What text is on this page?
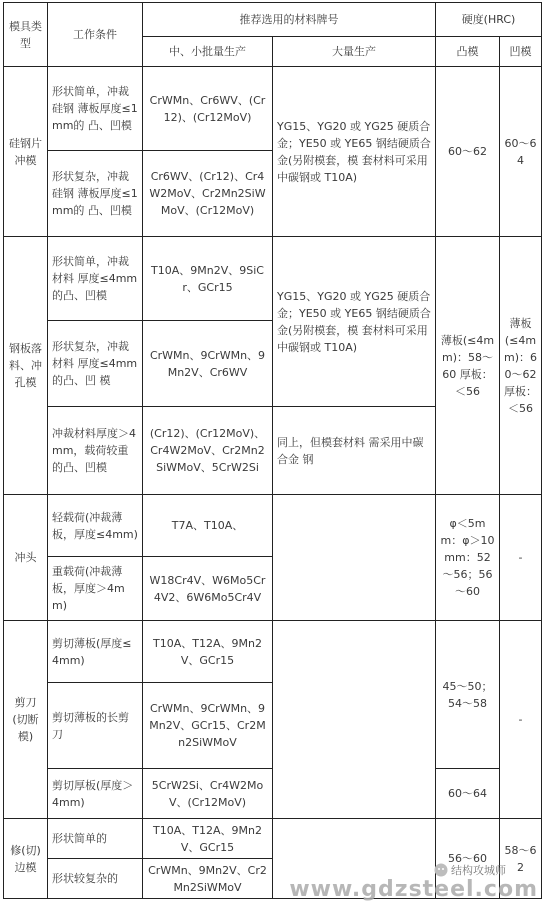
模具类型	工作条件	推荐选用的材料牌号		硬度(HRC)	
		中、小批量生产	大量生产	凸模	凹模
硅钢片冲模	形状简单，冲裁硅钢 薄板厚度≤1mm的 凸、凹模	CrWMn、Cr6WV、(Cr12)、(Cr12MoV)	YG15、YG20 或 YG25 硬质合金；YE50 或 YE65 钢结硬质合 金(另附模套，模 套材料可采用中碳钢或 T10A)	60～62	60～64
	形状复杂，冲裁硅钢 薄板厚度≤1mm的 凸、凹模	Cr6WV、(Cr12)、Cr4W2MoV、Cr2Mn2SiWMoV、(Cr12MoV)			
钢板落料、冲孔模	形状简单，冲裁材料 厚度≤4mm 的凸、凹模	T10A、9Mn2V、9SiCr、GCr15	YG15、YG20 或 YG25 硬质合金；YE50 或 YE65 钢结硬质合 金(另附模套，模 套材料可采用中碳钢或 T10A)	薄板(≤4mm)：58～60 厚板：＜56	薄板(≤4mm)：60～62 厚板：＜56
	形状复杂，冲裁材料 厚度≤4mm 的凸、凹 模	CrWMn、9CrWMn、9Mn2V、Cr6WV			
	冲裁材料厚度＞4mm，载荷较重的凸、凹模	(Cr12)、(Cr12MoV)、Cr4W2MoV、Cr2Mn2SiWMoV、5CrW2Si	同上，但模套材料 需采用中碳合金 钢		
冲头	轻载荷(冲裁薄板，厚度≤4mm)	T7A、T10A、		φ＜5mm：φ＞10mm：52～56；56～60	-
	重载荷(冲裁薄板，厚度＞4mm)	W18Cr4V、W6Mo5Cr4V2、6W6Mo5Cr4V			
剪刀(切断模)	剪切薄板(厚度≤4mm)	T10A、T12A、9Mn2V、GCr15		45～50；54～58	-
	剪切薄板的长剪刀	CrWMn、9CrWMn、9Mn2V、GCr15、Cr2Mn2SiWMoV			
	剪切厚板(厚度＞4mm)	5CrW2Si、Cr4W2MoV、(Cr12MoV)		60～64	
修(切)边模	形状简单的	T10A、T12A、9Mn2V、GCr15		56～60	58～62
	形状较复杂的	CrWMn、9Mn2V、Cr2Mn2SiWMoV			
结构攻城师
www.gdzsteel.com
